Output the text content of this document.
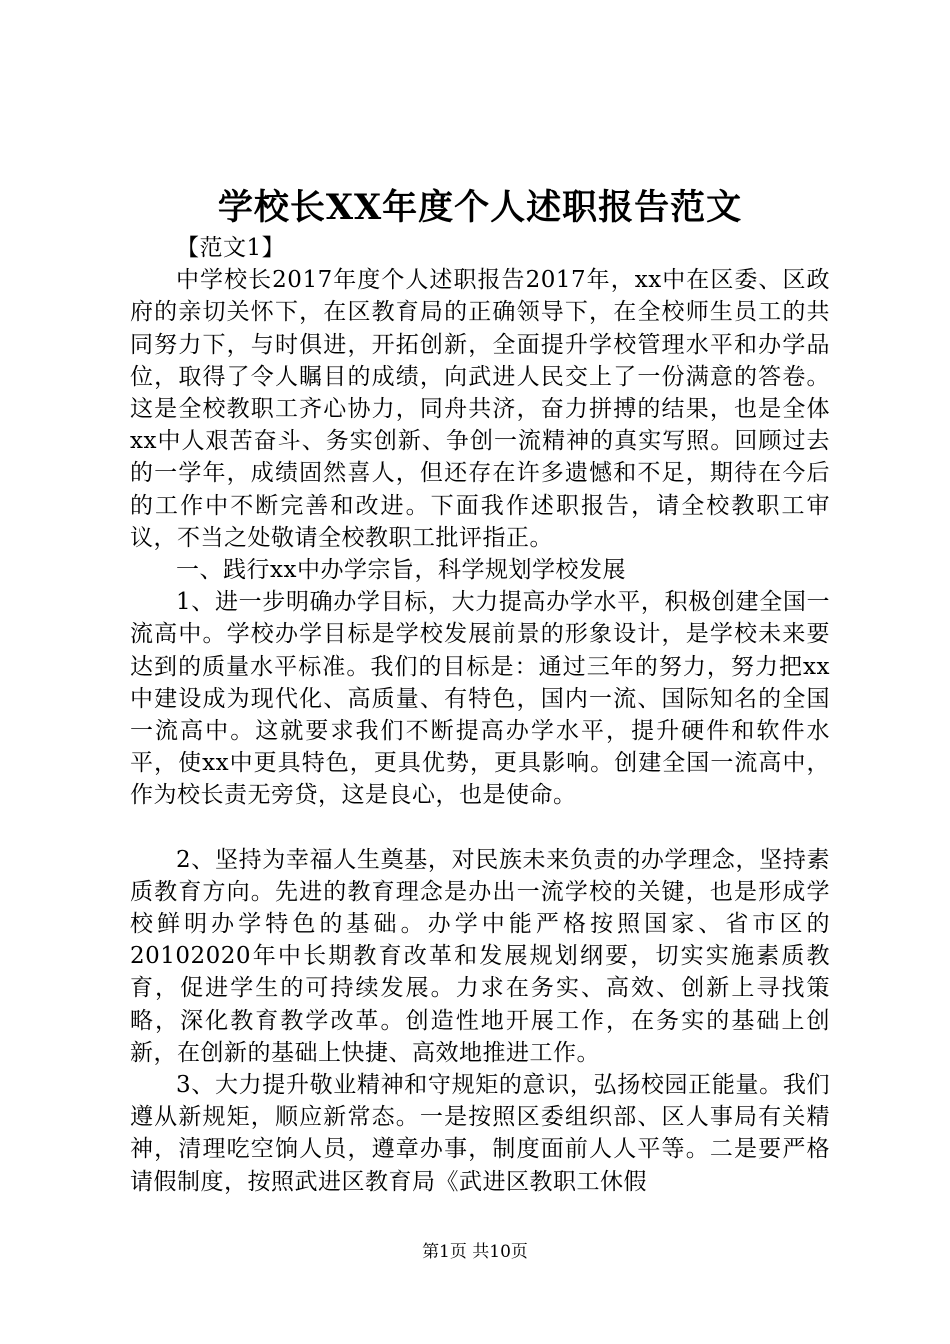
学校长XX年度个人述职报告范文

【范文1】

中学校长2017年度个人述职报告2017年，xx中在区委、区政府的亲切关怀下，在区教育局的正确领导下，在全校师生员工的共同努力下，与时俱进，开拓创新，全面提升学校管理水平和办学品位，取得了令人瞩目的成绩，向武进人民交上了一份满意的答卷。这是全校教职工齐心协力，同舟共济，奋力拼搏的结果，也是全体xx中人艰苦奋斗、务实创新、争创一流精神的真实写照。回顾过去的一学年，成绩固然喜人，但还存在许多遗憾和不足，期待在今后的工作中不断完善和改进。下面我作述职报告，请全校教职工审议，不当之处敬请全校教职工批评指正。

一、践行xx中办学宗旨，科学规划学校发展

1、进一步明确办学目标，大力提高办学水平，积极创建全国一流高中。学校办学目标是学校发展前景的形象设计，是学校未来要达到的质量水平标准。我们的目标是：通过三年的努力，努力把xx中建设成为现代化、高质量、有特色，国内一流、国际知名的全国一流高中。这就要求我们不断提高办学水平，提升硬件和软件水平，使xx中更具特色，更具优势，更具影响。创建全国一流高中，作为校长责无旁贷，这是良心，也是使命。

2、坚持为幸福人生奠基，对民族未来负责的办学理念，坚持素质教育方向。先进的教育理念是办出一流学校的关键，也是形成学校鲜明办学特色的基础。办学中能严格按照国家、省市区的20102020年中长期教育改革和发展规划纲要，切实实施素质教育，促进学生的可持续发展。力求在务实、高效、创新上寻找策略，深化教育教学改革。创造性地开展工作，在务实的基础上创新，在创新的基础上快捷、高效地推进工作。

3、大力提升敬业精神和守规矩的意识，弘扬校园正能量。我们遵从新规矩，顺应新常态。一是按照区委组织部、区人事局有关精神，清理吃空饷人员，遵章办事，制度面前人人平等。二是要严格请假制度，按照武进区教育局《武进区教职工休假

第1页 共10页
